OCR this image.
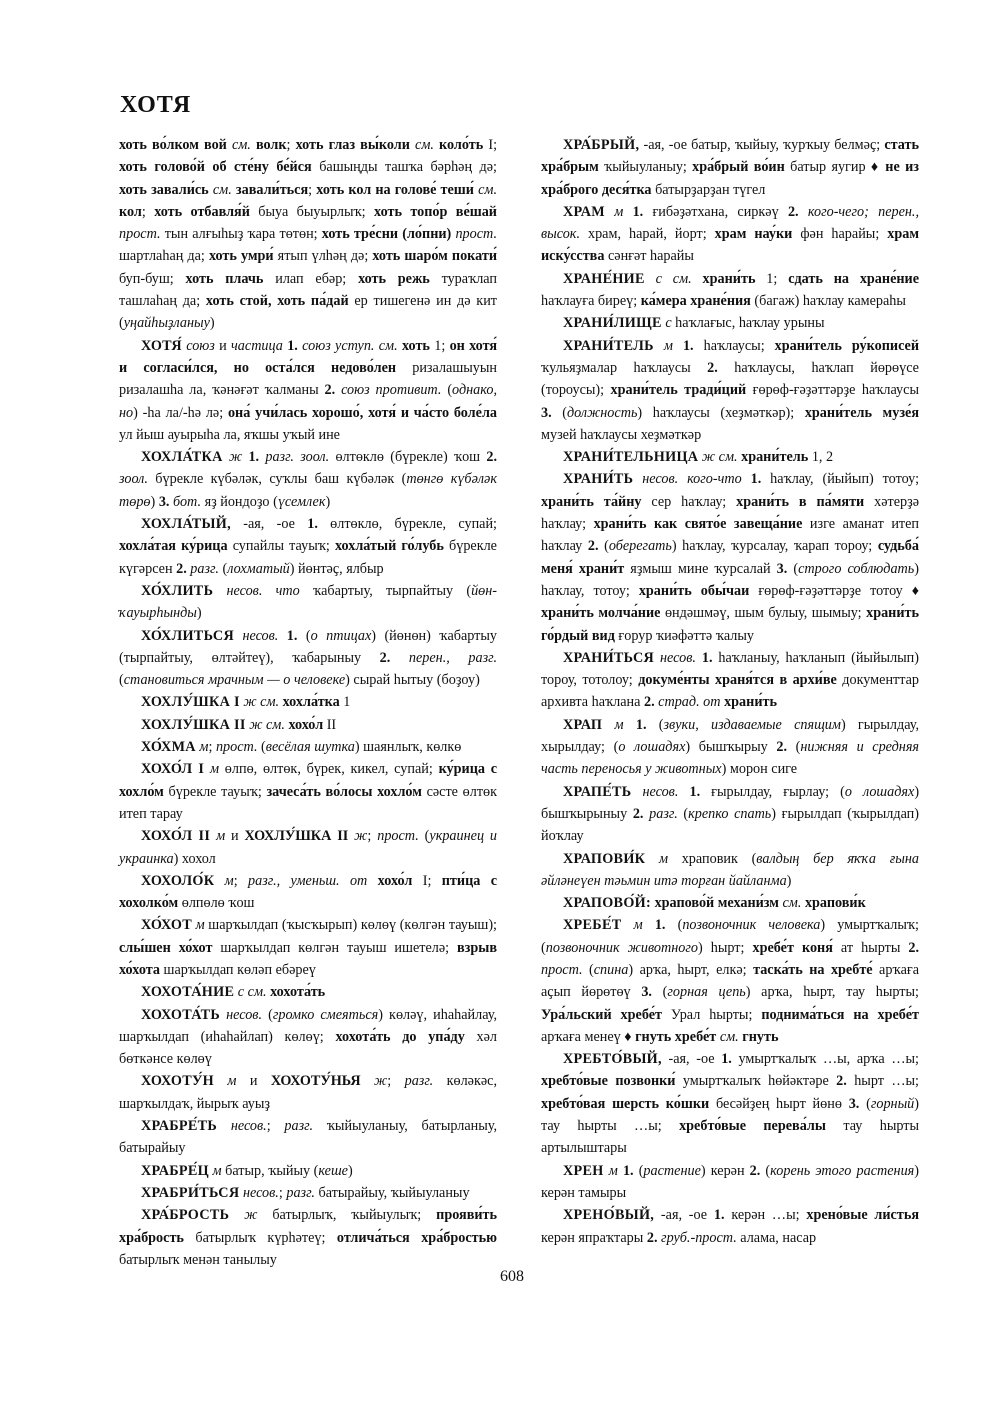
ХОТЯ

хоть во́лком вой см. волк; хоть глаз вы́коли см. коло́ть I; хоть голово́й об сте́ну бе́йся башыңды ташҡа бәрһәң дә; хоть завали́сь см. завали́ться; хоть кол на голове́ теши́ см. кол; хоть отбавля́й быуа быуырлыҡ; хоть топо́р ве́шай прост. тын алғыһыҙ ҡара төтөн; хоть тре́сни (ло́пни) прост. шартлаһаң да; хоть умри́ ятып үлһәң дә; хоть шаро́м покати́ буп-буш; хоть плачь илап ебәр; хоть режь тураҡлап ташлаһаң да; хоть стой, хоть па́дай ер тишегенә ин дә кит (уңайһыҙланыу)

ХОТЯ́ союз и частица 1. союз уступ. см. хоть 1; он хотя́ и согласи́лся, но оста́лся недово́лен ризалашыуын ризалашһа ла, ҡәнәғәт ҡалманы 2. союз противит. (однако, но) -һа ла/-һә лә; она́ учи́лась хорошо́, хотя́ и ча́сто боле́ла ул йыш ауырыһа ла, яҡшы уҡый ине

ХОХЛА́ТКА ж 1. разг. зоол. өлтөклө (бүрекле) ҡош 2. зоол. бүрекле күбәләк, суҡлы баш күбәләк (төнгө күбәләк төрө) 3. бот. яҙ йондоҙо (үсемлек)

ХОХЛА́ТЫЙ, -ая, -ое 1. өлтөклө, бүрекле, супай; хохла́тая ку́рица супайлы тауыҡ; хохла́тый го́лубь бүрекле күгәрсен 2. разг. (лохматый) йөнтәҫ, ялбыр

ХО́ХЛИТЬ несов. что ҡабартыу, тырпайтыу (йөн-ҡауырһынды)

ХО́ХЛИТЬСЯ несов. 1. (о птицах) (йөнөн) ҡабартыу (тырпайтыу, өлтәйтеү), ҡабарыныу 2. перен., разг. (становиться мрачным — о человеке) сырай һытыу (боҙоу)

ХОХЛУ́ШКА I ж см. хохла́тка 1

ХОХЛУ́ШКА II ж см. хохо́л II

ХО́ХМА м; прост. (весёлая шутка) шаянлыҡ, көлкө

ХОХО́Л I м өлпө, өлтөк, бүрек, кикел, супай; ку́рица с хохло́м бүрекле тауыҡ; зачеса́ть во́лосы хохло́м сәсте өлтөк итеп тарау

ХОХО́Л II м и ХОХЛУ́ШКА II ж; прост. (украинец и украинка) хохол

ХОХОЛО́К м; разг., уменьш. от хохо́л I; пти́ца с хохолко́м өлпөлө ҡош

ХО́ХОТ м шарҡылдап (ҡысҡырып) көлөү (көлгән тауыш); слы́шен хо́хот шарҡылдап көлгән тауыш ишетелә; взрыв хо́хота шарҡылдап көләп ебәреү

ХОХОТА́НИЕ с см. хохота́ть

ХОХОТА́ТЬ несов. (громко смеяться) көләү, иһаһайлау, шарҡылдап (иһаһайлап) көлөү; хохота́ть до упа́ду хәл бөткәнсе көлөү

ХОХОТУ́Н м и ХОХОТУ́НЬЯ ж; разг. көләкәс, шарҡылдаҡ, йырыҡ ауыҙ

ХРАБРЕ́ТЬ несов.; разг. ҡыйыуланыу, батырланыу, батырайыу

ХРАБРЕ́Ц м батыр, ҡыйыу (кеше)

ХРАБРИ́ТЬСЯ несов.; разг. батырайыу, ҡыйыуланыу

ХРА́БРОСТЬ ж батырлыҡ, ҡыйыулыҡ; прояви́ть хра́брость батырлыҡ күрһәтеү; отлича́ться хра́бростью батырлыҡ менән танылыу

ХРА́БРЫЙ, -ая, -ое батыр, ҡыйыу, ҡурҡыу белмәҫ; стать хра́брым ҡыйыуланыу; хра́брый во́ин батыр яугир ♦ не из хра́брого деся́тка батырҙарҙан түгел

ХРАМ м 1. ғибәҙәтхана, сиркәү 2. кого-чего; перен., высок. храм, һарай, йорт; храм нау́ки фән һарайы; храм иску́сства сәнғәт һарайы

ХРАНЕ́НИЕ с см. храни́ть 1; сдать на хране́ние һаҡлауға биреү; ка́мера хране́ния (багаж) һаҡлау камераһы

ХРАНИ́ЛИЩЕ с һаҡлағыс, һаҡлау урыны

ХРАНИ́ТЕЛЬ м 1. һаҡлаусы; храни́тель ру́кописей ҡульяҙмалар һаҡлаусы 2. һаҡлаусы, һаҡлап йөрөүсе (тороусы); храни́тель тради́ций ғөрөф-ғәҙәттәрҙе һаҡлаусы 3. (должность) һаҡлаусы (хеҙмәткәр); храни́тель музе́я музей һаҡлаусы хеҙмәткәр

ХРАНИ́ТЕЛЬНИЦА ж см. храни́тель 1, 2

ХРАНИ́ТЬ несов. кого-что 1. һаҡлау, (йыйып) тотоу; храни́ть та́йну сер һаҡлау; храни́ть в па́мяти хәтерҙә һаҡлау; храни́ть как свято́е завеща́ние изге аманат итеп һаҡлау 2. (оберегать) һаҡлау, ҡурсалау, ҡарап тороу; судьба́ меня́ храни́т яҙмыш мине ҡурсалай 3. (строго соблюдать) һаҡлау, тотоу; храни́ть обы́чаи ғөрөф-ғәҙәттәрҙе тотоу ♦ храни́ть молча́ние өндәшмәү, шым булыу, шымыу; храни́ть го́рдый вид ғорур ҡиәфәттә ҡалыу

ХРАНИ́ТЬСЯ несов. 1. һаҡланыу, һаҡланып (йыйылып) тороу, тотолоу; докуме́нты храня́тся в архи́ве документтар архивта һаҡлана 2. страд. от храни́ть

ХРАП м 1. (звуки, издаваемые спящим) гырылдау, хырылдау; (о лошадях) бышҡырыу 2. (нижняя и средняя часть переносья у животных) морон сиге

ХРАПЕ́ТЬ несов. 1. ғырылдау, ғырлау; (о лошадях) бышҡырыныу 2. разг. (крепко спать) ғырылдап (ҡырылдап) йоҡлау

ХРАПОВИ́К м храповик (валдың бер яҡҡа ғына әйләнеүен тәьмин итә торған йайланма)

ХРАПОВО́Й: храпово́й механи́зм см. храпови́к

ХРЕБЕ́Т м 1. (позвоночник человека) умыртҡалыҡ; (позвоночник животного) һырт; хребе́т коня́ ат һырты 2. прост. (спина) арҡа, һырт, елкә; таска́ть на хребте́ арҡаға аҫып йөрөтөү 3. (горная цепь) арҡа, һырт, тау һырты; Ура́льский хребе́т Урал һырты; поднима́ться на хребе́т арҡаға менеү ♦ гнуть хребе́т см. гнуть

ХРЕБТО́ВЫЙ, -ая, -ое 1. умыртҡалыҡ …ы, арҡа …ы; хребто́вые позвонки́ умыртҡалыҡ һөйәктәре 2. һырт …ы; хребто́вая шерсть ко́шки бесәйҙең һырт йөнө 3. (горный) тау һырты …ы; хребто́вые перева́лы тау һырты артылыштары

ХРЕН м 1. (растение) керән 2. (корень этого растения) керән тамыры

ХРЕНО́ВЫЙ, -ая, -ое 1. керән …ы; хрено́вые ли́стья керән япраҡтары 2. груб.-прост. алама, насар

608
